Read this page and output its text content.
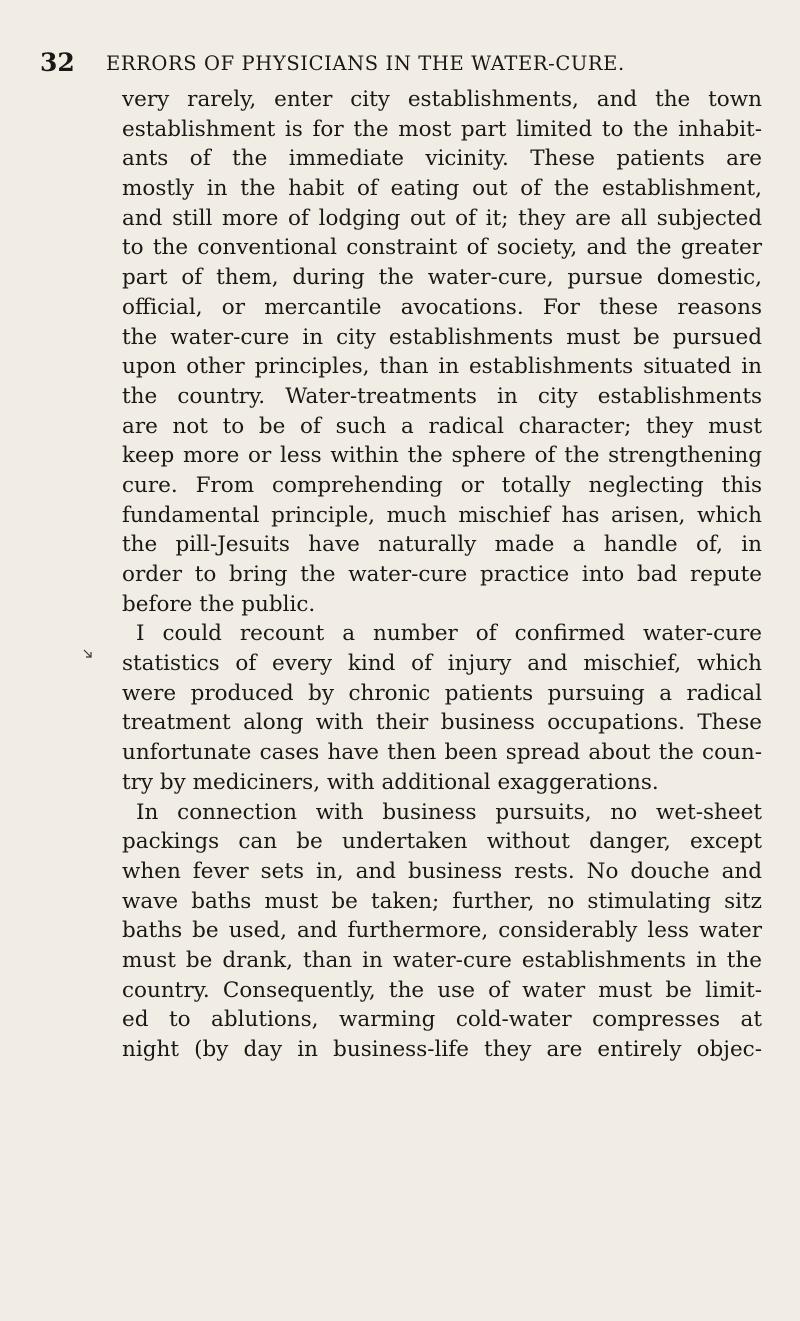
32 ERRORS OF PHYSICIANS IN THE WATER-CURE.
very rarely, enter city establishments, and the town
establishment is for the most part limited to the inhabit-
ants of the immediate vicinity. These patients are
mostly in the habit of eating out of the establishment,
and still more of lodging out of it; they are all subjected
to the conventional constraint of society, and the greater
part of them, during the water-cure, pursue domestic,
official, or mercantile avocations. For these reasons
the water-cure in city establishments must be pursued
upon other principles, than in establishments situated in
the country. Water-treatments in city establishments
are not to be of such a radical character; they must
keep more or less within the sphere of the strengthening
cure. From comprehending or totally neglecting this
fundamental principle, much mischief has arisen, which
the pill-Jesuits have naturally made a handle of, in
order to bring the water-cure practice into bad repute
before the public.
I could recount a number of confirmed water-cure
statistics of every kind of injury and mischief, which
were produced by chronic patients pursuing a radical
treatment along with their business occupations. These
unfortunate cases have then been spread about the coun-
try by mediciners, with additional exaggerations.
In connection with business pursuits, no wet-sheet
packings can be undertaken without danger, except
when fever sets in, and business rests. No douche and
wave baths must be taken; further, no stimulating sitz
baths be used, and furthermore, considerably less water
must be drank, than in water-cure establishments in the
country. Consequently, the use of water must be limit-
ed to ablutions, warming cold-water compresses at
night (by day in business-life they are entirely objec-
